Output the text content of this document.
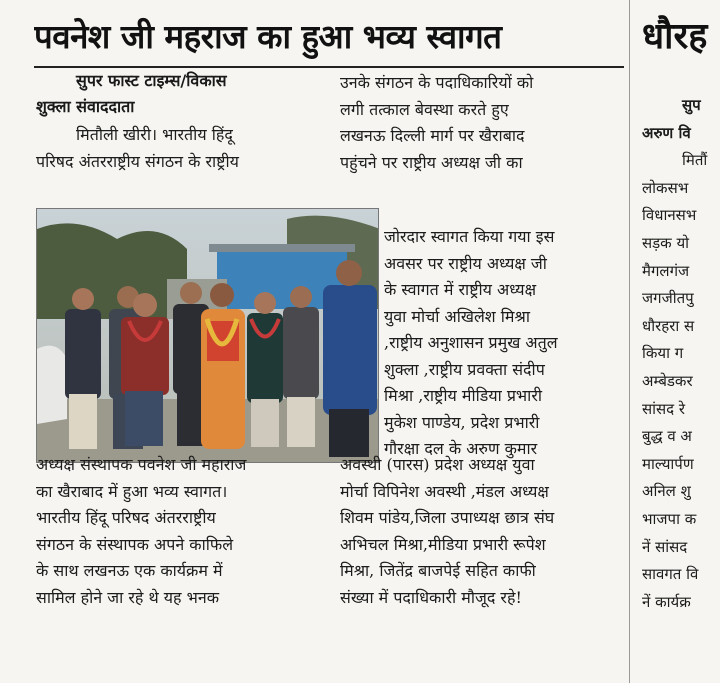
पवनेश जी महराज का हुआ भव्य स्वागत	धौरह
सुपर फास्ट टाइम्स/विकास
शुक्ला संवाददाता

मितौली खीरी। भारतीय हिंदू

परिषद अंतरराष्ट्रीय संगठन के राष्ट्रीय

अध्यक्ष संस्थापक पवनेश जी महाराज

का खैराबाद में हुआ भव्य स्वागत।

भारतीय हिंदू परिषद अंतरराष्ट्रीय

संगठन के संस्थापक अपने काफिले

के साथ लखनऊ एक कार्यक्रम में

सामिल होने जा रहे थे यह भनक

उनके संगठन के पदाधिकारियों को

लगी तत्काल बेवस्था करते हुए

लखनऊ दिल्ली मार्ग पर खैराबाद

पहुंचने पर राष्ट्रीय अध्यक्ष जी का

जोरदार स्वागत किया गया इस

अवसर पर राष्ट्रीय अध्यक्ष जी

के स्वागत में राष्ट्रीय अध्यक्ष

युवा मोर्चा अखिलेश मिश्रा

,राष्ट्रीय अनुशासन प्रमुख अतुल

शुक्ला ,राष्ट्रीय प्रवक्ता संदीप

मिश्रा ,राष्ट्रीय मीडिया प्रभारी

मुकेश पाण्डेय, प्रदेश प्रभारी

गौरक्षा दल के अरुण कुमार

अवस्थी (पारस) प्रदेश अध्यक्ष युवा

मोर्चा विपिनेश अवस्थी ,मंडल अध्यक्ष

शिवम पांडेय,जिला उपाध्यक्ष छात्र संघ

अभिचल मिश्रा,मीडिया प्रभारी रूपेश

मिश्रा, जितेंद्र बाजपेई सहित काफी

संख्या में पदाधिकारी मौजूद रहे!

सुप

अरुण वि

मितौं

लोकसभ

विधानसभ

सड़क यो

मैगलगंज

जगजीतपु

धौरहरा स

किया ग

अम्बेडकर

सांसद रे

बुद्ध व अ

माल्यार्पण

अनिल शु

भाजपा क

नें सांसद

सावगत वि

नें कार्यक्र
